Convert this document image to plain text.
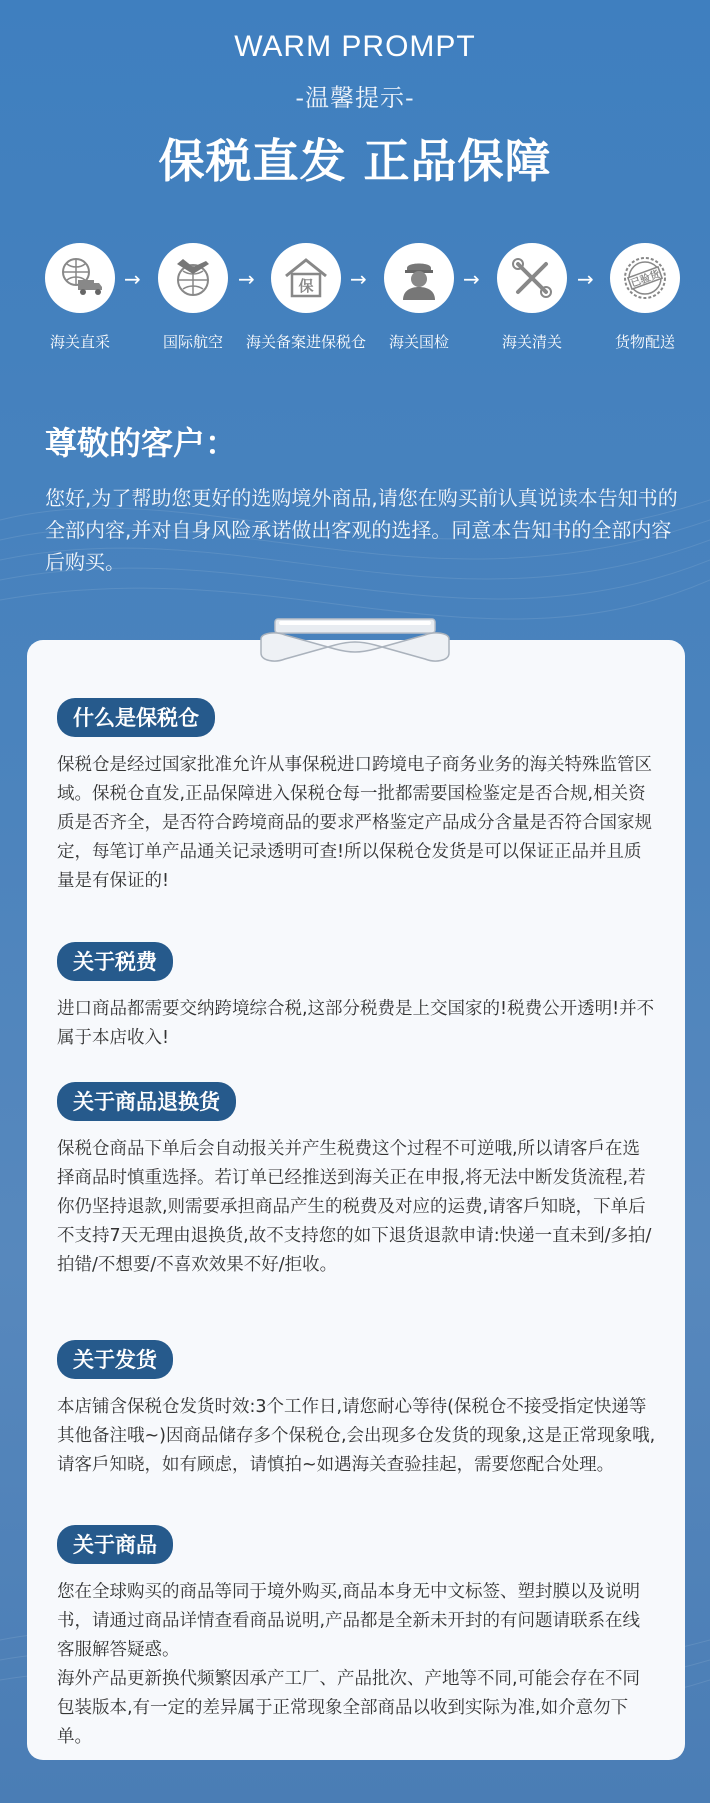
WARM PROMPT
-温馨提示-
保税直发 正品保障
海关直采
→
国际航空
→	保
海关备案进保税仓
→
海关国检
→
海关清关
→	已验货
货物配送
尊敬的客户：
您好,为了帮助您更好的选购境外商品,请您在购买前认真说读本告知书的全部内容,并对自身风险承诺做出客观的选择。同意本告知书的全部内容后购买。
什么是保税仓
保税仓是经过国家批准允许从事保税进口跨境电子商务业务的海关特殊监管区域。保税仓直发,正品保障进入保税仓每一批都需要国检鉴定是否合规,相关资质是否齐全，是否符合跨境商品的要求严格鉴定产品成分含量是否符合国家规定，每笔订单产品通关记录透明可查!所以保税仓发货是可以保证正品并且质量是有保证的!
关于税费
进口商品都需要交纳跨境综合税,这部分税费是上交国家的!税费公开透明!并不属于本店收入!
关于商品退换货
保税仓商品下单后会自动报关并产生税费这个过程不可逆哦,所以请客戶在选择商品时慎重选择。若订单已经推送到海关正在申报,将无法中断发货流程,若你仍坚持退款,则需要承担商品产生的税费及对应的运费,请客戶知晓，下单后不支持7天无理由退换货,故不支持您的如下退货退款申请:快递一直未到/多拍/拍错/不想要/不喜欢效果不好/拒收。
关于发货
本店铺含保税仓发货时效:3个工作日,请您耐心等待(保税仓不接受指定快递等其他备注哦~)因商品储存多个保税仓,会出现多仓发货的现象,这是正常现象哦,请客戶知晓，如有顾虑，请慎拍~如遇海关查验挂起，需要您配合处理。
关于商品
您在全球购买的商品等同于境外购买,商品本身无中文标签、塑封膜以及说明书，请通过商品详情查看商品说明,产品都是全新未开封的有问题请联系在线客服解答疑惑。
海外产品更新换代频繁因承产工厂、产品批次、产地等不同,可能会存在不同包装版本,有一定的差异属于正常现象全部商品以收到实际为准,如介意勿下单。
